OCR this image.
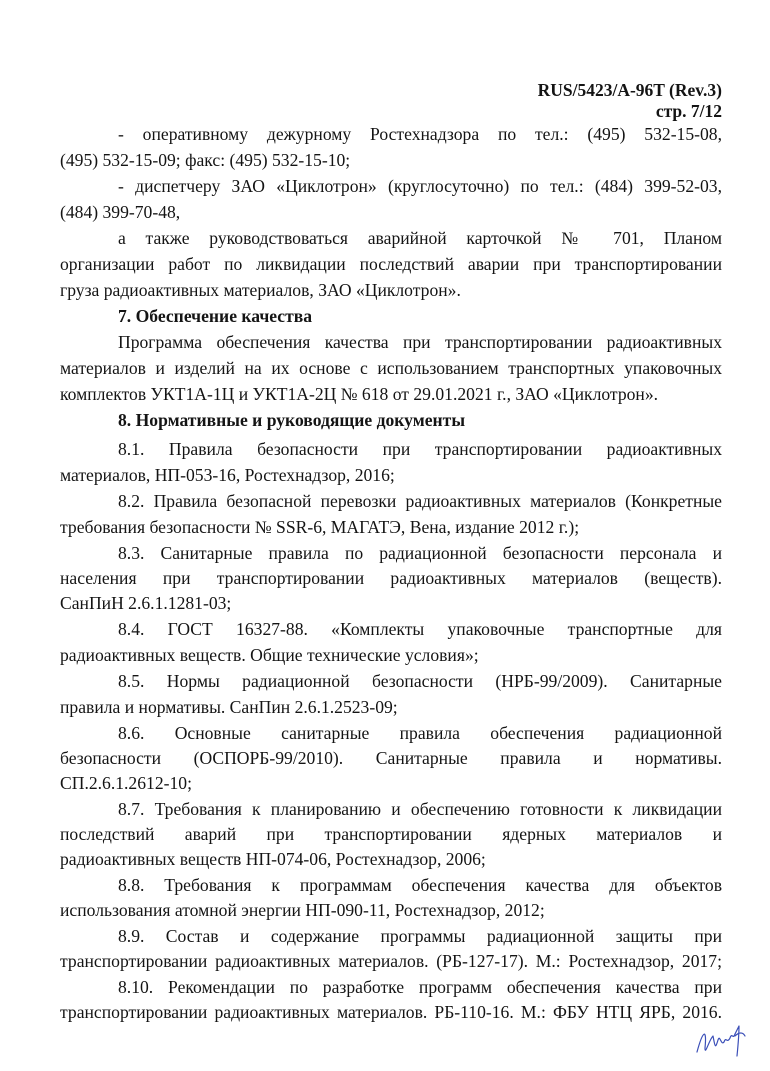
RUS/5423/A-96T (Rev.3)
стр. 7/12
- оперативному дежурному Ростехнадзора по тел.: (495) 532-15-08,
(495) 532-15-09; факс: (495) 532-15-10;
- диспетчеру ЗАО «Циклотрон» (круглосуточно) по тел.: (484) 399-52-03,
(484) 399-70-48,
а также руководствоваться аварийной карточкой № 701, Планом
организации работ по ликвидации последствий аварии при транспортировании
груза радиоактивных материалов, ЗАО «Циклотрон».
7. Обеспечение качества
Программа обеспечения качества при транспортировании радиоактивных
материалов и изделий на их основе с использованием транспортных упаковочных
комплектов УКТ1А-1Ц и УКТ1А-2Ц № 618 от 29.01.2021 г., ЗАО «Циклотрон».
8. Нормативные и руководящие документы
8.1. Правила безопасности при транспортировании радиоактивных
материалов, НП-053-16, Ростехнадзор, 2016;
8.2. Правила безопасной перевозки радиоактивных материалов (Конкретные
требования безопасности № SSR-6, МАГАТЭ, Вена, издание 2012 г.);
8.3. Санитарные правила по радиационной безопасности персонала и
населения при транспортировании радиоактивных материалов (веществ).
СанПиН 2.6.1.1281-03;
8.4. ГОСТ 16327-88. «Комплекты упаковочные транспортные для
радиоактивных веществ. Общие технические условия»;
8.5. Нормы радиационной безопасности (НРБ-99/2009). Санитарные
правила и нормативы. СанПин 2.6.1.2523-09;
8.6. Основные санитарные правила обеспечения радиационной
безопасности (ОСПОРБ-99/2010). Санитарные правила и нормативы.
СП.2.6.1.2612-10;
8.7. Требования к планированию и обеспечению готовности к ликвидации
последствий аварий при транспортировании ядерных материалов и
радиоактивных веществ НП-074-06, Ростехнадзор, 2006;
8.8. Требования к программам обеспечения качества для объектов
использования атомной энергии НП-090-11, Ростехнадзор, 2012;
8.9. Состав и содержание программы радиационной защиты при
транспортировании радиоактивных материалов. (РБ-127-17). М.: Ростехнадзор, 2017;
8.10. Рекомендации по разработке программ обеспечения качества при
транспортировании радиоактивных материалов. РБ-110-16. М.: ФБУ НТЦ ЯРБ, 2016.
